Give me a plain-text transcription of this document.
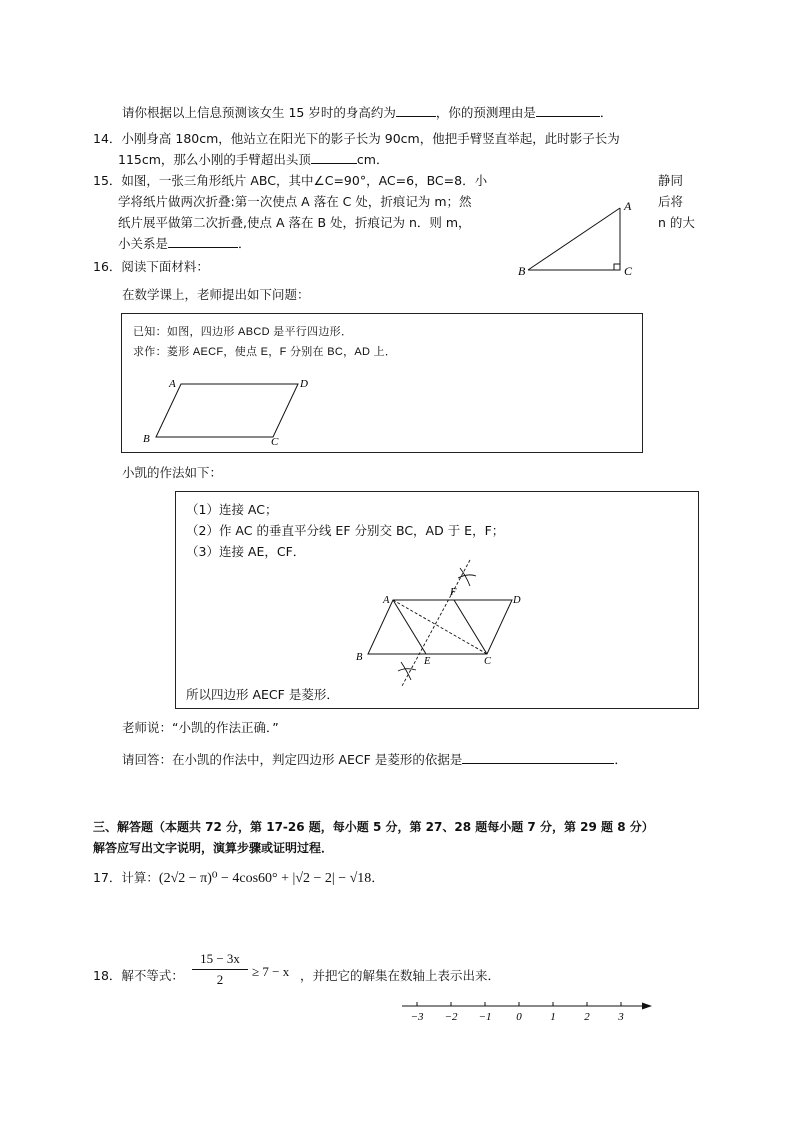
请你根据以上信息预测该女生 15 岁时的身高约为	，你的预测理由是	．
14．小刚身高 180cm，他站立在阳光下的影子长为 90cm，他把手臂竖直举起，此时影子长为
115cm，那么小刚的手臂超出头顶	cm．
15．如图，一张三角形纸片 ABC，其中∠C=90°，AC=6，BC=8．小	静同
学将纸片做两次折叠:第一次使点 A 落在 C 处，折痕记为 m；然	后将
纸片展平做第二次折叠,使点 A 落在 B 处，折痕记为 n．则 m，	n 的大
小关系是	．
A
B	C
16．阅读下面材料：
在数学课上，老师提出如下问题：
已知：如图，四边形 ABCD 是平行四边形．
求作：菱形 AECF，使点 E，F 分别在 BC，AD 上．
A	D
B	C
小凯的作法如下：
（1）连接 AC；
（2）作 AC 的垂直平分线 EF 分别交 BC，AD 于 E，F；
（3）连接 AE，CF．
A
F
D
B	E	C
所以四边形 AECF 是菱形．
老师说：“小凯的作法正确．”
请回答：在小凯的作法中，判定四边形 AECF 是菱形的依据是	．
三、解答题（本题共 72 分，第 17-26 题，每小题 5 分，第 27、28 题每小题 7 分，第 29 题 8 分）
解答应写出文字说明，演算步骤或证明过程．
17．计算：(2√2 − π)⁰ − 4cos60° + |√2 − 2| − √18．
18．解不等式： $\frac{15 - 3x}{2} \ge 7 - x$ ，并把它的解集在数轴上表示出来．
−3 −2 −1 0	1	2	3
